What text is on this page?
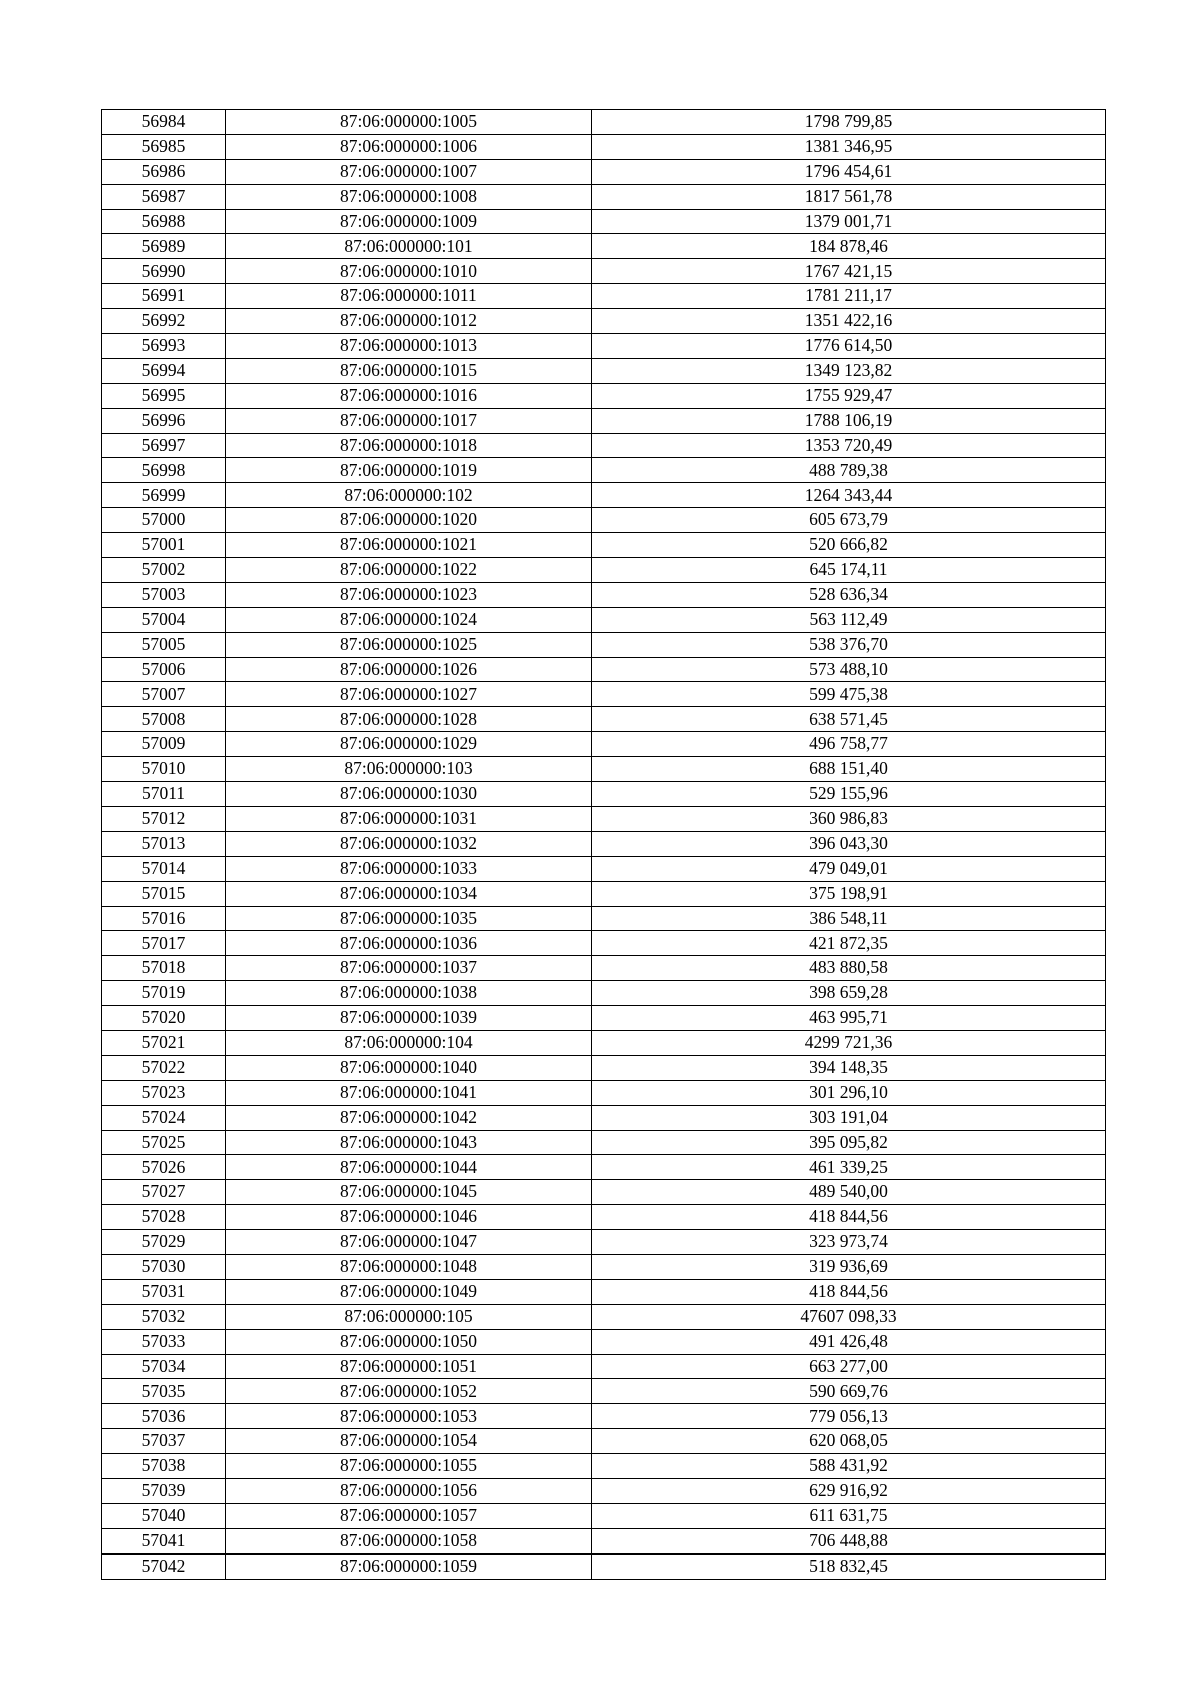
56984	87:06:000000:1005	1798 799,85
56985	87:06:000000:1006	1381 346,95
56986	87:06:000000:1007	1796 454,61
56987	87:06:000000:1008	1817 561,78
56988	87:06:000000:1009	1379 001,71
56989	87:06:000000:101	184 878,46
56990	87:06:000000:1010	1767 421,15
56991	87:06:000000:1011	1781 211,17
56992	87:06:000000:1012	1351 422,16
56993	87:06:000000:1013	1776 614,50
56994	87:06:000000:1015	1349 123,82
56995	87:06:000000:1016	1755 929,47
56996	87:06:000000:1017	1788 106,19
56997	87:06:000000:1018	1353 720,49
56998	87:06:000000:1019	488 789,38
56999	87:06:000000:102	1264 343,44
57000	87:06:000000:1020	605 673,79
57001	87:06:000000:1021	520 666,82
57002	87:06:000000:1022	645 174,11
57003	87:06:000000:1023	528 636,34
57004	87:06:000000:1024	563 112,49
57005	87:06:000000:1025	538 376,70
57006	87:06:000000:1026	573 488,10
57007	87:06:000000:1027	599 475,38
57008	87:06:000000:1028	638 571,45
57009	87:06:000000:1029	496 758,77
57010	87:06:000000:103	688 151,40
57011	87:06:000000:1030	529 155,96
57012	87:06:000000:1031	360 986,83
57013	87:06:000000:1032	396 043,30
57014	87:06:000000:1033	479 049,01
57015	87:06:000000:1034	375 198,91
57016	87:06:000000:1035	386 548,11
57017	87:06:000000:1036	421 872,35
57018	87:06:000000:1037	483 880,58
57019	87:06:000000:1038	398 659,28
57020	87:06:000000:1039	463 995,71
57021	87:06:000000:104	4299 721,36
57022	87:06:000000:1040	394 148,35
57023	87:06:000000:1041	301 296,10
57024	87:06:000000:1042	303 191,04
57025	87:06:000000:1043	395 095,82
57026	87:06:000000:1044	461 339,25
57027	87:06:000000:1045	489 540,00
57028	87:06:000000:1046	418 844,56
57029	87:06:000000:1047	323 973,74
57030	87:06:000000:1048	319 936,69
57031	87:06:000000:1049	418 844,56
57032	87:06:000000:105	47607 098,33
57033	87:06:000000:1050	491 426,48
57034	87:06:000000:1051	663 277,00
57035	87:06:000000:1052	590 669,76
57036	87:06:000000:1053	779 056,13
57037	87:06:000000:1054	620 068,05
57038	87:06:000000:1055	588 431,92
57039	87:06:000000:1056	629 916,92
57040	87:06:000000:1057	611 631,75
57041	87:06:000000:1058	706 448,88
57042	87:06:000000:1059	518 832,45
